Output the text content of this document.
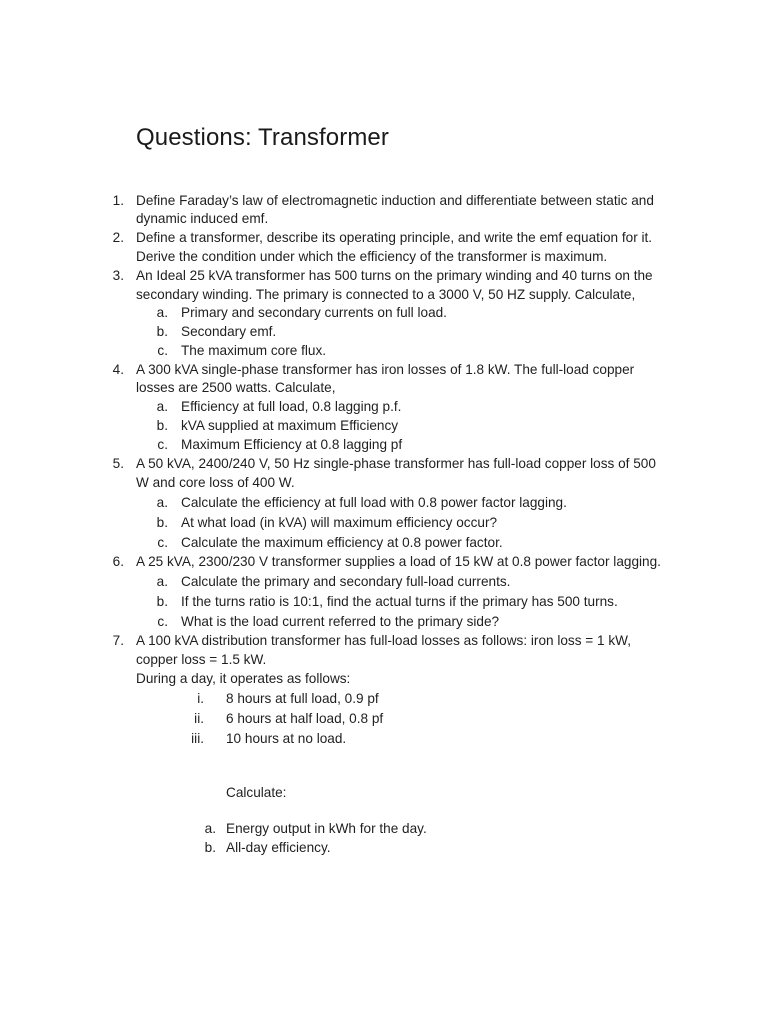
Questions: Transformer
1. Define Faraday’s law of electromagnetic induction and differentiate between static and
dynamic induced emf.
2. Define a transformer, describe its operating principle, and write the emf equation for it.
Derive the condition under which the efficiency of the transformer is maximum.
3. An Ideal 25 kVA transformer has 500 turns on the primary winding and 40 turns on the
secondary winding. The primary is connected to a 3000 V, 50 HZ supply. Calculate,
a. Primary and secondary currents on full load.
b. Secondary emf.
c. The maximum core flux.
4. A 300 kVA single-phase transformer has iron losses of 1.8 kW. The full-load copper
losses are 2500 watts. Calculate,
a. Efficiency at full load, 0.8 lagging p.f.
b. kVA supplied at maximum Efficiency
c. Maximum Efficiency at 0.8 lagging pf
5. A 50 kVA, 2400/240 V, 50 Hz single-phase transformer has full-load copper loss of 500
W and core loss of 400 W.
a. Calculate the efficiency at full load with 0.8 power factor lagging.
b. At what load (in kVA) will maximum efficiency occur?
c. Calculate the maximum efficiency at 0.8 power factor.
6. A 25 kVA, 2300/230 V transformer supplies a load of 15 kW at 0.8 power factor lagging.
a. Calculate the primary and secondary full-load currents.
b. If the turns ratio is 10:1, find the actual turns if the primary has 500 turns.
c. What is the load current referred to the primary side?
7. A 100 kVA distribution transformer has full-load losses as follows: iron loss = 1 kW,
copper loss = 1.5 kW.
During a day, it operates as follows:
i. 8 hours at full load, 0.9 pf
ii. 6 hours at half load, 0.8 pf
iii. 10 hours at no load.
Calculate:
a. Energy output in kWh for the day.
b. All-day efficiency.
